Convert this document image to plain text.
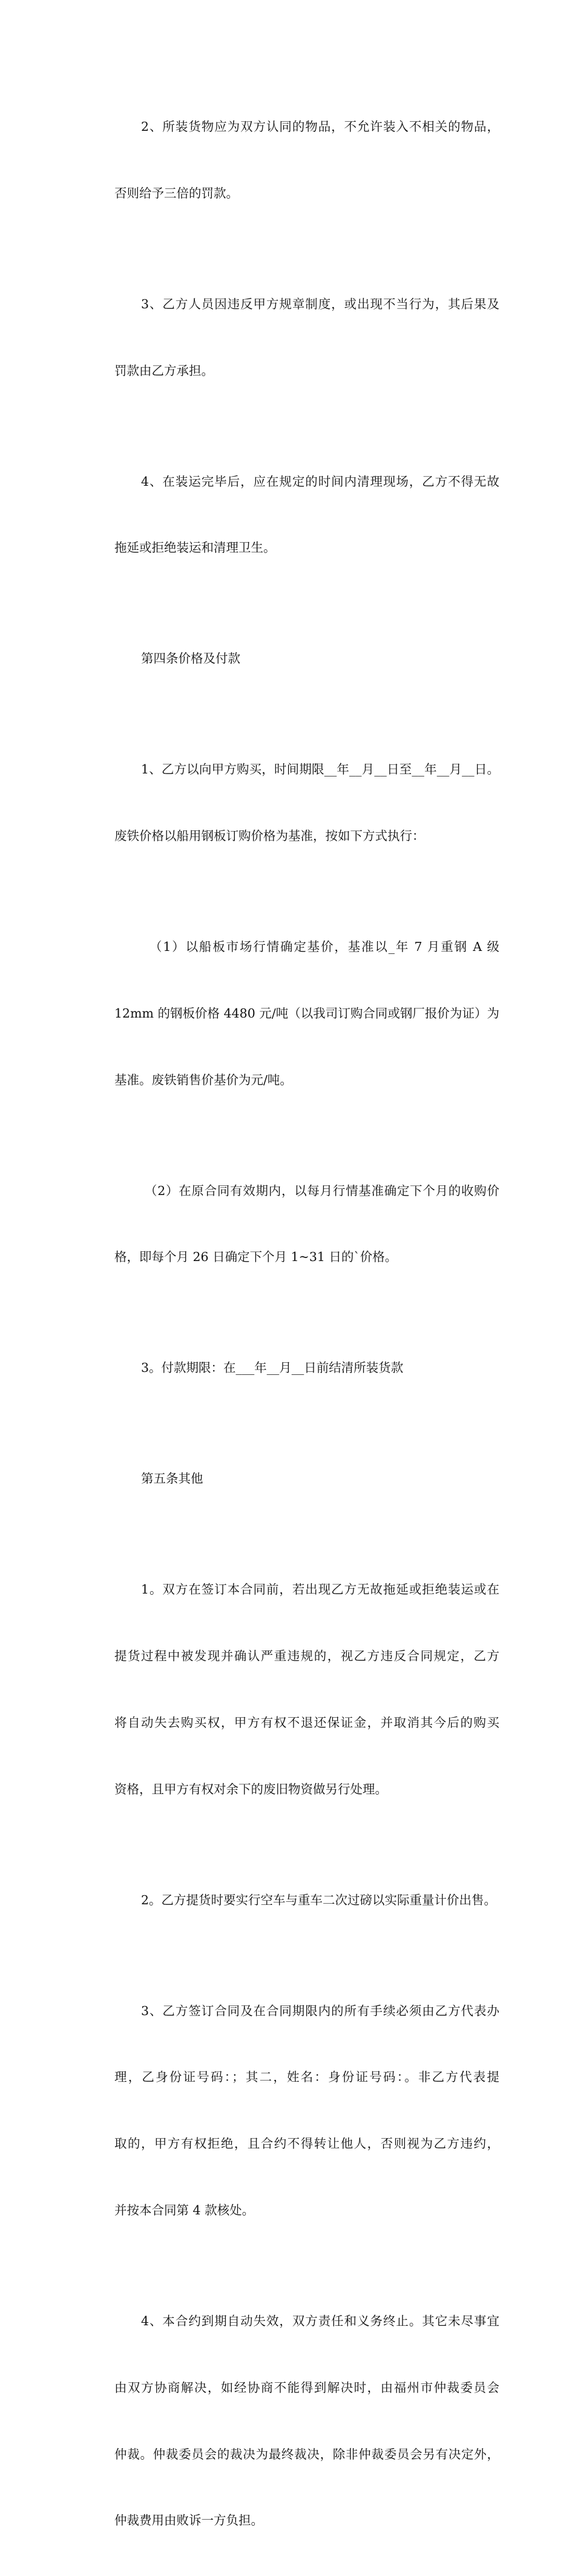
2、所装货物应为双方认同的物品，不允许装入不相关的物品，

否则给予三倍的罚款。

3、乙方人员因违反甲方规章制度，或出现不当行为，其后果及

罚款由乙方承担。

4、在装运完毕后，应在规定的时间内清理现场，乙方不得无故

拖延或拒绝装运和清理卫生。

第四条价格及付款

1、乙方以向甲方购买，时间期限__年__月__日至__年__月__日。

废铁价格以船用钢板订购价格为基准，按如下方式执行：

（1）以船板市场行情确定基价，基准以_年 7 月重钢 A 级

12mm 的钢板价格 4480 元/吨（以我司订购合同或钢厂报价为证）为

基准。废铁销售价基价为元/吨。

（2）在原合同有效期内，以每月行情基准确定下个月的收购价

格，即每个月 26 日确定下个月 1~31 日的`价格。

3。付款期限：在___年__月__日前结清所装货款

第五条其他

1。双方在签订本合同前，若出现乙方无故拖延或拒绝装运或在

提货过程中被发现并确认严重违规的，视乙方违反合同规定，乙方

将自动失去购买权，甲方有权不退还保证金，并取消其今后的购买

资格，且甲方有权对余下的废旧物资做另行处理。

2。乙方提货时要实行空车与重车二次过磅以实际重量计价出售。

3、乙方签订合同及在合同期限内的所有手续必须由乙方代表办

理，乙身份证号码：；其二，姓名：身份证号码：。非乙方代表提

取的，甲方有权拒绝，且合约不得转让他人，否则视为乙方违约，

并按本合同第 4 款核处。

4、本合约到期自动失效，双方责任和义务终止。其它未尽事宜

由双方协商解决，如经协商不能得到解决时，由福州市仲裁委员会

仲裁。仲裁委员会的裁决为最终裁决，除非仲裁委员会另有决定外，

仲裁费用由败诉一方负担。
